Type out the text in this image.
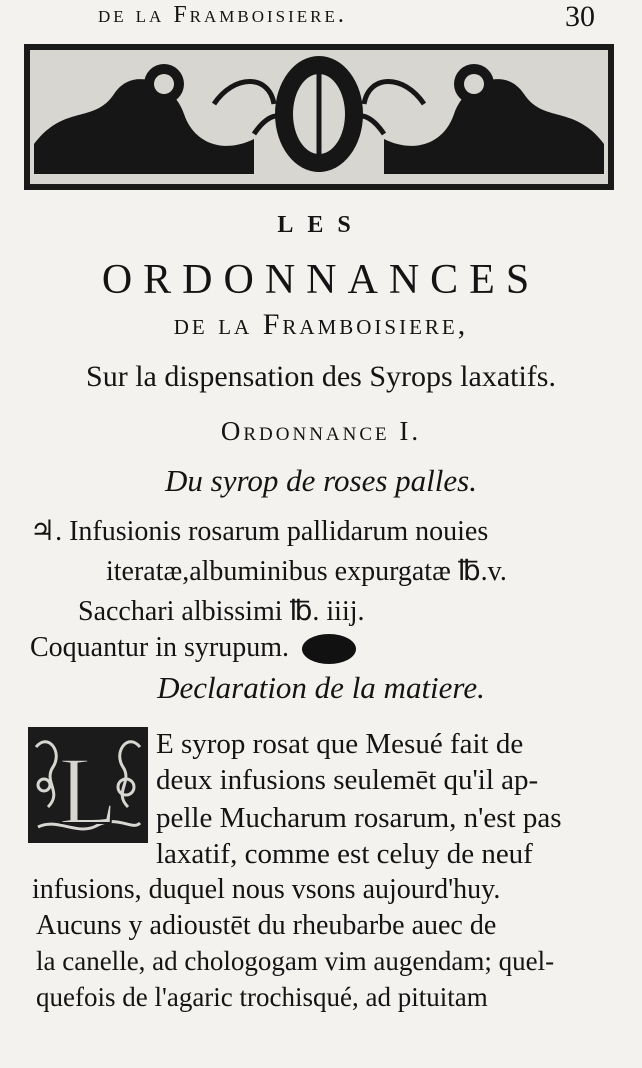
de la Framboisiere.	30
LES
ORDONNANCES
de la Framboisiere,
Sur la dispensation des Syrops laxatifs.
Ordonnance I.
Du syrop de roses palles.
♃. Infusionis rosarum pallidarum nouies
iteratæ,albuminibus expurgatæ ℔.v.
Sacchari albissimi ℔. iiij.
Coquantur in syrupum.
Declaration de la matiere.
L E syrop rosat que Mesué fait de
deux infusions seulemēt qu'il ap-
pelle Mucharum rosarum, n'est pas
laxatif, comme est celuy de neuf
infusions, duquel nous vsons aujourd'huy.
Aucuns y adioustēt du rheubarbe auec de
la canelle, ad chologogam vim augendam; quel-
quefois de l'agaric trochisqué, ad pituitam
